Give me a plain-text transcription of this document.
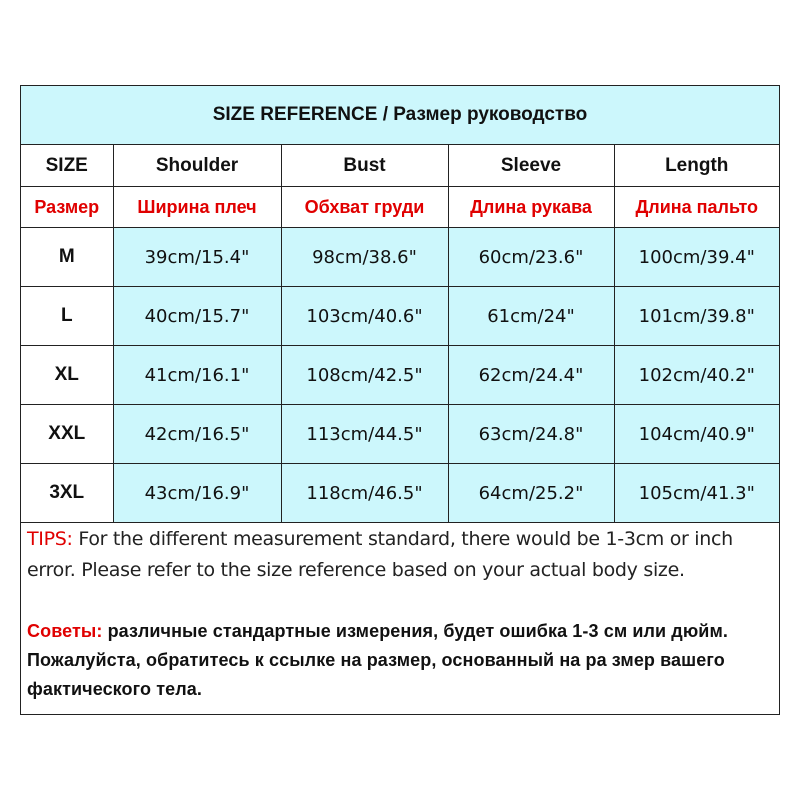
SIZE REFERENCE / Размер руководство				
SIZE	Shoulder	Bust	Sleeve	Length
Размер	Ширина плеч	Обхват груди	Длина рукава	Длина пальто
M	39cm/15.4"	98cm/38.6"	60cm/23.6"	100cm/39.4"
L	40cm/15.7"	103cm/40.6"	61cm/24"	101cm/39.8"
XL	41cm/16.1"	108cm/42.5"	62cm/24.4"	102cm/40.2"
XXL	42cm/16.5"	113cm/44.5"	63cm/24.8"	104cm/40.9"
3XL	43cm/16.9"	118cm/46.5"	64cm/25.2"	105cm/41.3"
TIPS: For the different measurement standard, there would be 1-3cm or inch error. Please refer to the size reference based on your actual body size.
Советы: различные стандартные измерения, будет ошибка 1-3 см или дюйм. Пожалуйста, обратитесь к ссылке на размер, основанный на ра змер вашего фактического тела.
